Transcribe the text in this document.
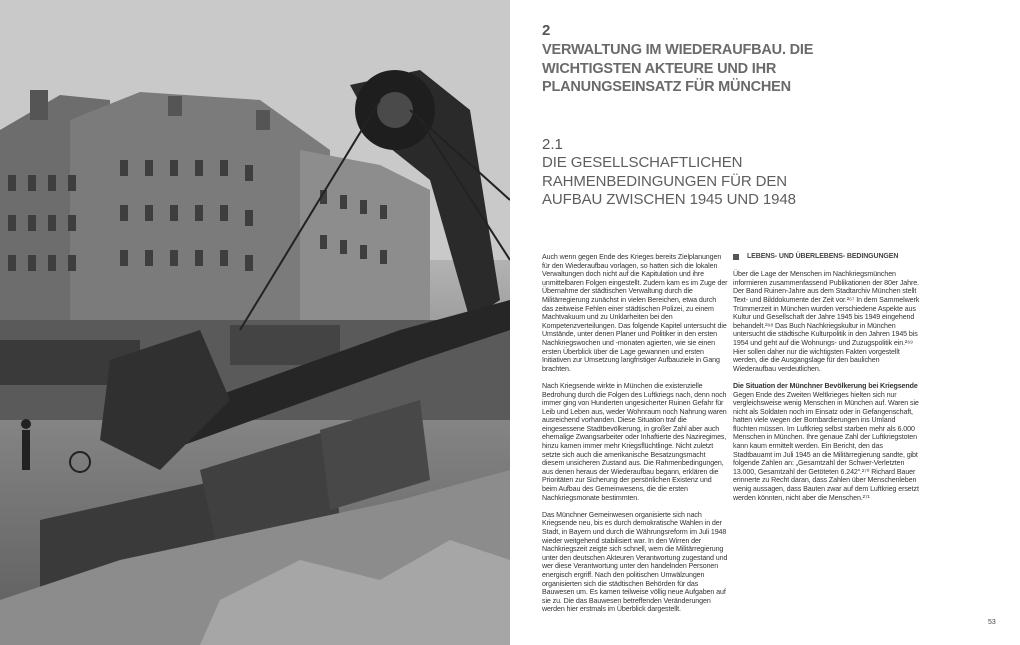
2
VERWALTUNG IM WIEDERAUFBAU. DIE WICHTIGSTEN AKTEURE UND IHR PLANUNGSEINSATZ FÜR MÜNCHEN
2.1
DIE GESELLSCHAFTLICHEN RAHMENBEDINGUNGEN FÜR DEN AUFBAU ZWISCHEN 1945 UND 1948

Auch wenn gegen Ende des Krieges bereits Zielplanungen für den Wiederaufbau vorlagen, so hatten sich die lokalen Verwaltungen doch nicht auf die Kapitulation und ihre unmittelbaren Folgen eingestellt. Zudem kam es im Zuge der Übernahme der städtischen Verwaltung durch die Militärregierung zunächst in vielen Bereichen, etwa durch das zeitweise Fehlen einer städtischen Polizei, zu einem Machtvakuum und zu Unklarheiten bei den Kompetenzverteilungen. Das folgende Kapitel untersucht die Umstände, unter denen Planer und Politiker in den ersten Nachkriegswochen und -monaten agierten, wie sie einen ersten Überblick über die Lage gewannen und ersten Initiativen zur Umsetzung langfristiger Aufbauziele in Gang brachten.

Nach Kriegsende wirkte in München die existenzielle Bedrohung durch die Folgen des Luftkriegs nach, denn noch immer ging von Hunderten ungesicherter Ruinen Gefahr für Leib und Leben aus, weder Wohnraum noch Nahrung waren ausreichend vorhanden. Diese Situation traf die eingesessene Stadtbevölkerung, in großer Zahl aber auch ehemalige Zwangsarbeiter oder Inhaftierte des Naziregimes, hinzu kamen immer mehr Kriegsflüchtlinge. Nicht zuletzt setzte sich auch die amerikanische Besatzungsmacht diesem unsicheren Zustand aus. Die Rahmenbedingungen, aus denen heraus der Wiederaufbau begann, erklären die Prioritäten zur Sicherung der persönlichen Existenz und beim Aufbau des Gemeinwesens, die die ersten Nachkriegsmonate bestimmten.

Das Münchner Gemeinwesen organisierte sich nach Kriegsende neu, bis es durch demokratische Wahlen in der Stadt, in Bayern und durch die Währungsreform im Juli 1948 wieder weitgehend stabilisiert war. In den Wirren der Nachkriegszeit zeigte sich schnell, wem die Militärregierung unter den deutschen Akteuren Verantwortung zugestand und wer diese Verantwortung unter den handelnden Personen energisch ergriff. Nach den politischen Umwälzungen organisierten sich die städtischen Behörden für das Bauwesen um. Es kamen teilweise völlig neue Aufgaben auf sie zu. Die das Bauwesen betreffenden Veränderungen werden hier erstmals im Überblick dargestellt.

LEBENS- UND ÜBERLEBENS- BEDINGUNGEN

Über die Lage der Menschen im Nachkriegsmünchen informieren zusammenfassend Publikationen der 80er Jahre. Der Band Ruinen-Jahre aus dem Stadtarchiv München stellt Text- und Bilddokumente der Zeit vor.²⁶⁷ In dem Sammelwerk Trümmerzeit in München wurden verschiedene Aspekte aus Kultur und Gesellschaft der Jahre 1945 bis 1949 eingehend behandelt.²⁶⁸ Das Buch Nachkriegskultur in München untersucht die städtische Kulturpolitik in den Jahren 1945 bis 1954 und geht auf die Wohnungs- und Zuzugspolitik ein.²⁶⁹ Hier sollen daher nur die wichtigsten Fakten vorgestellt werden, die die Ausgangslage für den baulichen Wiederaufbau verdeutlichen.

Die Situation der Münchner Bevölkerung bei Kriegsende

Gegen Ende des Zweiten Weltkrieges hielten sich nur vergleichsweise wenig Menschen in München auf. Waren sie nicht als Soldaten noch im Einsatz oder in Gefangenschaft, hatten viele wegen der Bombardierungen ins Umland flüchten müssen. Im Luftkrieg selbst starben mehr als 6.000 Menschen in München. Ihre genaue Zahl der Luftkriegstoten kann kaum ermittelt werden. Ein Bericht, den das Stadtbauamt im Juli 1945 an die Militärregierung sandte, gibt folgende Zahlen an: „Gesamtzahl der Schwer-Verletzten 13.000, Gesamtzahl der Getöteten 6.242“.²⁷⁰ Richard Bauer erinnerte zu Recht daran, dass Zahlen über Menschenleben wenig aussagen, dass Bauten zwar auf dem Luftkrieg ersetzt werden könnten, nicht aber die Menschen.²⁷¹

53
